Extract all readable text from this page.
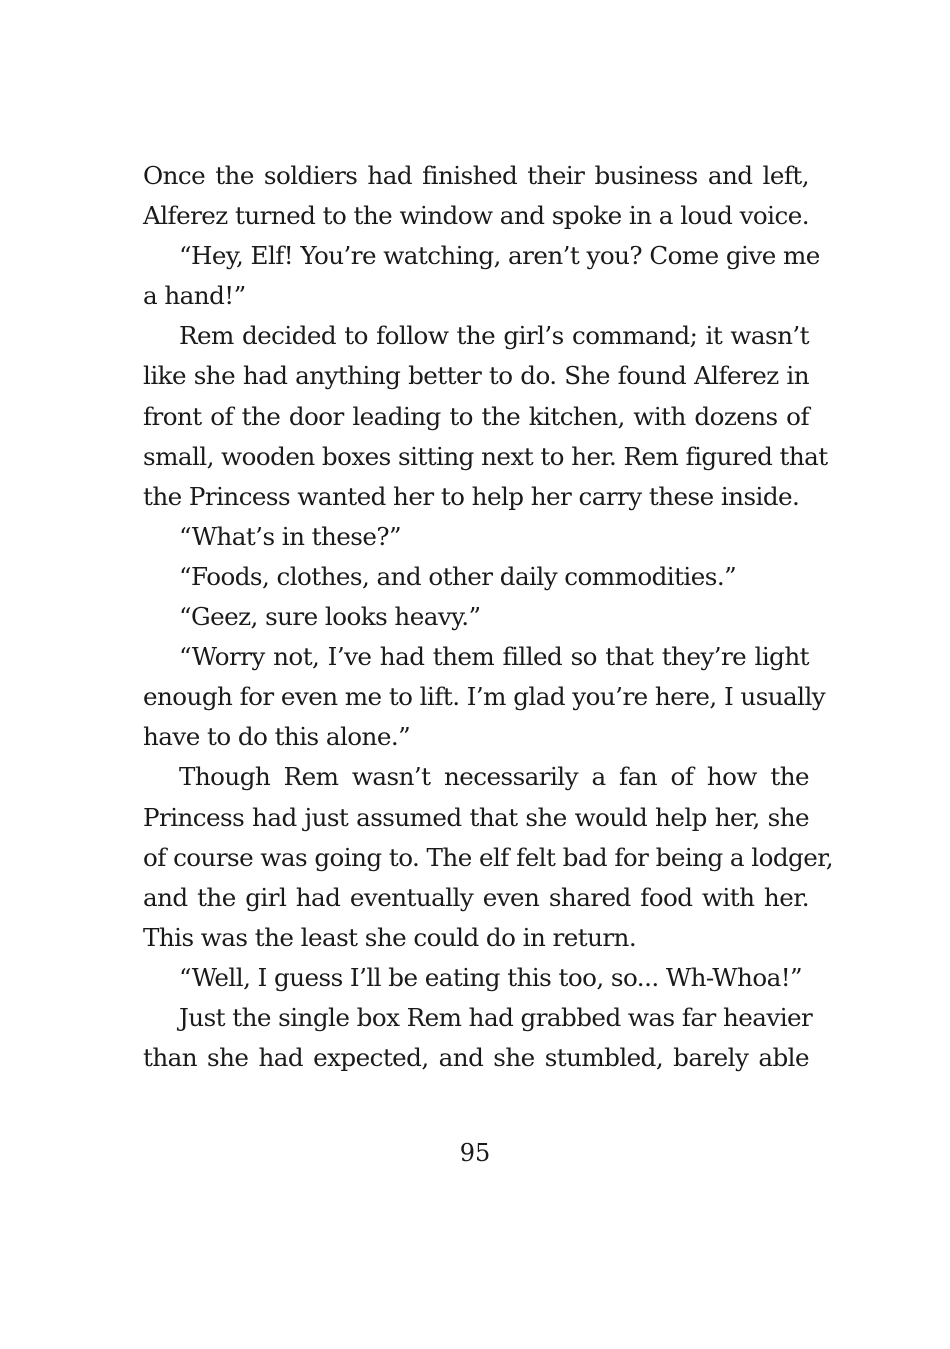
Once the soldiers had finished their business and left,
Alferez turned to the window and spoke in a loud voice.
“Hey, Elf! You’re watching, aren’t you? Come give me
a hand!”
Rem decided to follow the girl’s command; it wasn’t
like she had anything better to do. She found Alferez in
front of the door leading to the kitchen, with dozens of
small, wooden boxes sitting next to her. Rem figured that
the Princess wanted her to help her carry these inside.
“What’s in these?”
“Foods, clothes, and other daily commodities.”
“Geez, sure looks heavy.”
“Worry not, I’ve had them filled so that they’re light
enough for even me to lift. I’m glad you’re here, I usually
have to do this alone.”
Though Rem wasn’t necessarily a fan of how the
Princess had just assumed that she would help her, she
of course was going to. The elf felt bad for being a lodger,
and the girl had eventually even shared food with her.
This was the least she could do in return.
“Well, I guess I’ll be eating this too, so... Wh-Whoa!”
Just the single box Rem had grabbed was far heavier
than she had expected, and she stumbled, barely able
95
